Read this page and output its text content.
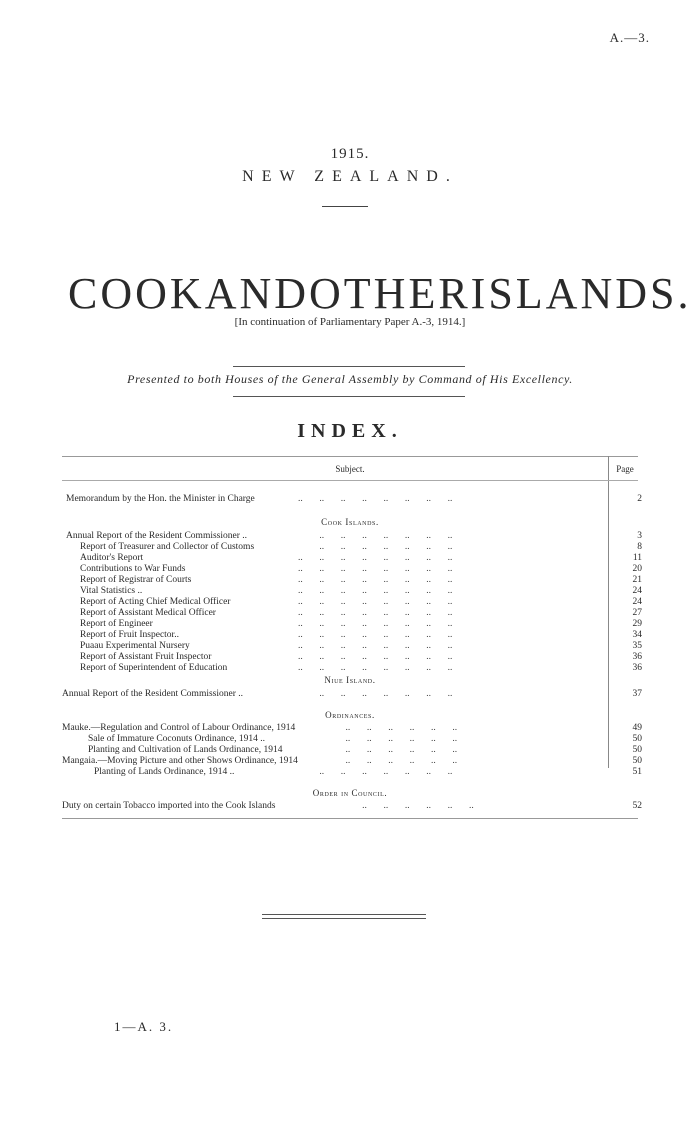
A.—3.
1915.
NEW ZEALAND.
COOK AND OTHER ISLANDS.
[In continuation of Parliamentary Paper A.-3, 1914.]
Presented to both Houses of the General Assembly by Command of His Excellency.
INDEX.
Subject.	Page
Memorandum by the Hon. the Minister in Charge	..       ..       ..       ..       ..       ..       ..       ..	2
Cook Islands.
Annual Report of the Resident Commissioner ..	..       ..       ..       ..       ..       ..       ..	3
Report of Treasurer and Collector of Customs	..       ..       ..       ..       ..       ..       ..	8
Auditor's Report	..       ..       ..       ..       ..       ..       ..       ..	11
Contributions to War Funds	..       ..       ..       ..       ..       ..       ..       ..	20
Report of Registrar of Courts	..       ..       ..       ..       ..       ..       ..       ..	21
Vital Statistics ..	..       ..       ..       ..       ..       ..       ..       ..	24
Report of Acting Chief Medical Officer	..       ..       ..       ..       ..       ..       ..       ..	24
Report of Assistant Medical Officer	..       ..       ..       ..       ..       ..       ..       ..	27
Report of Engineer	..       ..       ..       ..       ..       ..       ..       ..	29
Report of Fruit Inspector..	..       ..       ..       ..       ..       ..       ..       ..	34
Puaau Experimental Nursery	..       ..       ..       ..       ..       ..       ..       ..	35
Report of Assistant Fruit Inspector	..       ..       ..       ..       ..       ..       ..       ..	36
Report of Superintendent of Education	..       ..       ..       ..       ..       ..       ..       ..	36
Niue Island.
Annual Report of the Resident Commissioner ..	..       ..       ..       ..       ..       ..       ..	37
Ordinances.
Mauke.—Regulation and Control of Labour Ordinance, 1914 ..       ..       ..       ..       ..       ..	49
Sale of Immature Coconuts Ordinance, 1914 ..	..       ..       ..       ..       ..       ..	50
Planting and Cultivation of Lands Ordinance, 1914 ..       ..       ..       ..       ..       ..	50
Mangaia.—Moving Picture and other Shows Ordinance, 1914 ..       ..       ..       ..       ..       ..	50
Planting of Lands Ordinance, 1914 ..	..       ..       ..       ..       ..       ..       ..	51
Order in Council.
Duty on certain Tobacco imported into the Cook Islands ..       ..       ..       ..       ..       ..	52
1—A. 3.
